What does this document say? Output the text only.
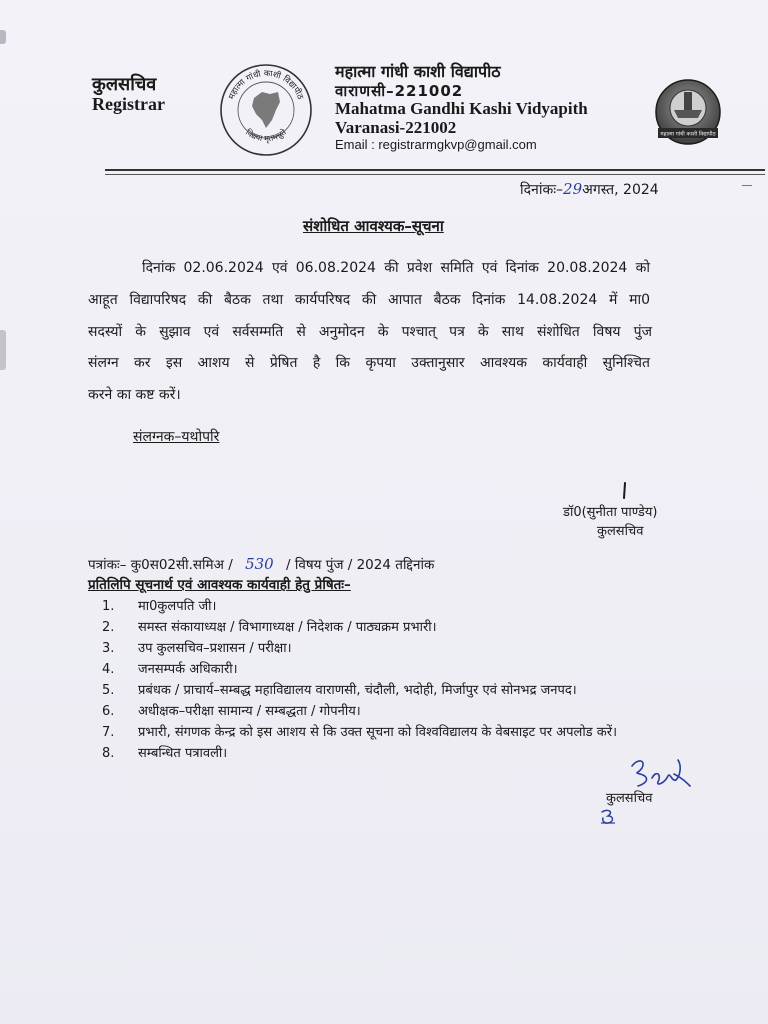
कुलसचिव
Registrar	महात्मा गांधी काशी विद्यापीठ
विद्यया मृतमश्नुते
महात्मा गांधी काशी विद्यापीठ
वाराणसी–221002
Mahatma Gandhi Kashi Vidyapith
Varanasi-221002
Email : registrarmgkvp@gmail.com
महात्मा गांधी काशी विद्यापीठ
दिनांकः–29अगस्त, 2024
संशोधित आवश्यक–सूचना
दिनांक 02.06.2024 एवं 06.08.2024 की प्रवेश समिति एवं दिनांक 20.08.2024 को
आहूत विद्यापरिषद की बैठक तथा कार्यपरिषद की आपात बैठक दिनांक 14.08.2024 में मा0
सदस्यों के सुझाव एवं सर्वसम्मति से अनुमोदन के पश्चात् पत्र के साथ संशोधित विषय पुंज
संलग्न कर इस आशय से प्रेषित है कि कृपया उक्तानुसार आवश्यक कार्यवाही सुनिश्चित
करने का कष्ट करें।
संलग्नक–यथोपरि
डॉ0(सुनीता पाण्डेय)
कुलसचिव
पत्रांकः– कु0स02सी.समिअ / 530 / विषय पुंज / 2024 तद्दिनांक
प्रतिलिपि सूचनार्थ एवं आवश्यक कार्यवाही हेतु प्रेषितः–
1. मा0कुलपति जी।
2. समस्त संकायाध्यक्ष / विभागाध्यक्ष / निदेशक / पाठ्यक्रम प्रभारी।
3. उप कुलसचिव–प्रशासन / परीक्षा।
4. जनसम्पर्क अधिकारी।
5. प्रबंधक / प्राचार्य–सम्बद्ध महाविद्यालय वाराणसी, चंदौली, भदोही, मिर्जापुर एवं सोनभद्र जनपद।
6. अधीक्षक–परीक्षा सामान्य / सम्बद्धता / गोपनीय।
7. प्रभारी, संगणक केन्द्र को इस आशय से कि उक्त सूचना को विश्वविद्यालय के वेबसाइट पर अपलोड करें।
8. सम्बन्धित पत्रावली।
कुलसचिव
